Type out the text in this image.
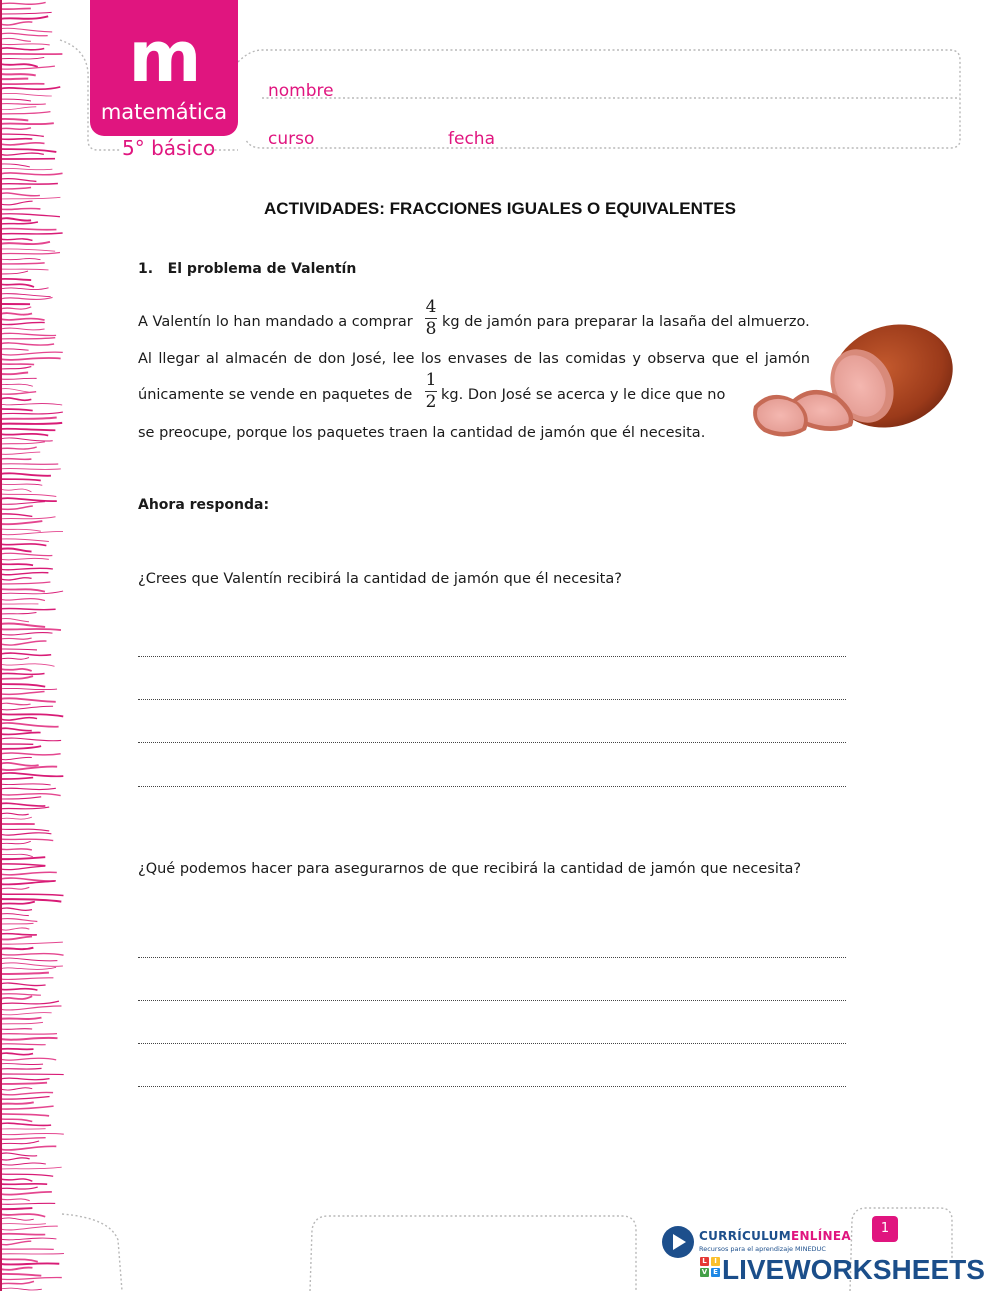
m
matemática
5° básico
nombre
curso	fecha
ACTIVIDADES: FRACCIONES IGUALES O EQUIVALENTES
1.   El problema de Valentín
A Valentín lo han mandado a comprar
4
8 kg de jamón para preparar la lasaña del almuerzo.
Al llegar al almacén de don José, lee los envases de las comidas y observa que el jamón
únicamente se vende en paquetes de
1
2 kg. Don José se acerca y le dice que no
se preocupe, porque los paquetes traen la cantidad de jamón que él necesita.
Ahora responda:
¿Crees que Valentín recibirá la cantidad de jamón que él necesita?
¿Qué podemos hacer para asegurarnos de que recibirá la cantidad de jamón que necesita?
1
CURRÍCULUMENLÍNEA
Recursos para el aprendizaje MINEDUC
L	I
V E LIVEWORKSHEETS
